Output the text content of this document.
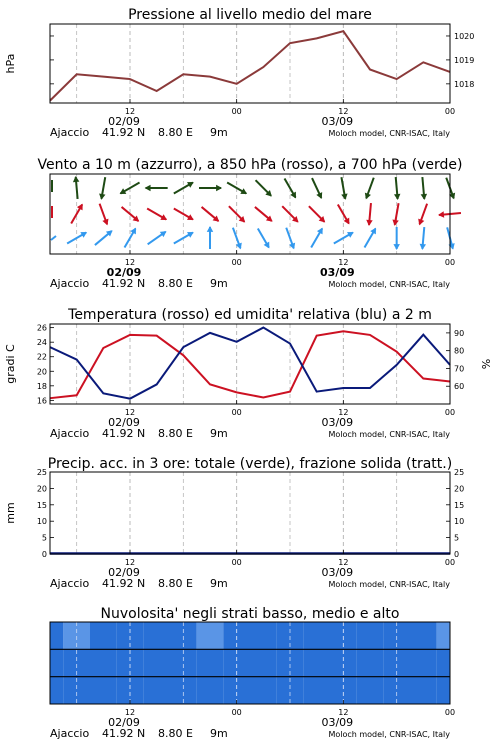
Pressione al livello medio del mare
1018
1019
1020
hPa
12	00	12	00
02/09	03/09
Ajaccio 41.92 N 8.80 E 9m	Moloch model, CNR-ISAC, Italy
Vento a 10 m (azzurro), a 850 hPa (rosso), a 700 hPa (verde)
12	00	12	00
02/09	03/09
Ajaccio 41.92 N 8.80 E 9m	Moloch model, CNR-ISAC, Italy
Temperatura (rosso) ed umidita' relativa (blu) a 2 m
16
18
20
22
24
26
60
70
80
90
gradi C	%
12	00	12	00
02/09	03/09
Ajaccio 41.92 N 8.80 E 9m	Moloch model, CNR-ISAC, Italy
Precip. acc. in 3 ore: totale (verde), frazione solida (tratt.)
0	0
5	5
10	10
15	15
20	20
25	25
mm
12	00	12	00
02/09	03/09
Ajaccio 41.92 N 8.80 E 9m	Moloch model, CNR-ISAC, Italy
Nuvolosita' negli strati basso, medio e alto
12	00	12	00
02/09	03/09
Ajaccio 41.92 N 8.80 E 9m	Moloch model, CNR-ISAC, Italy
